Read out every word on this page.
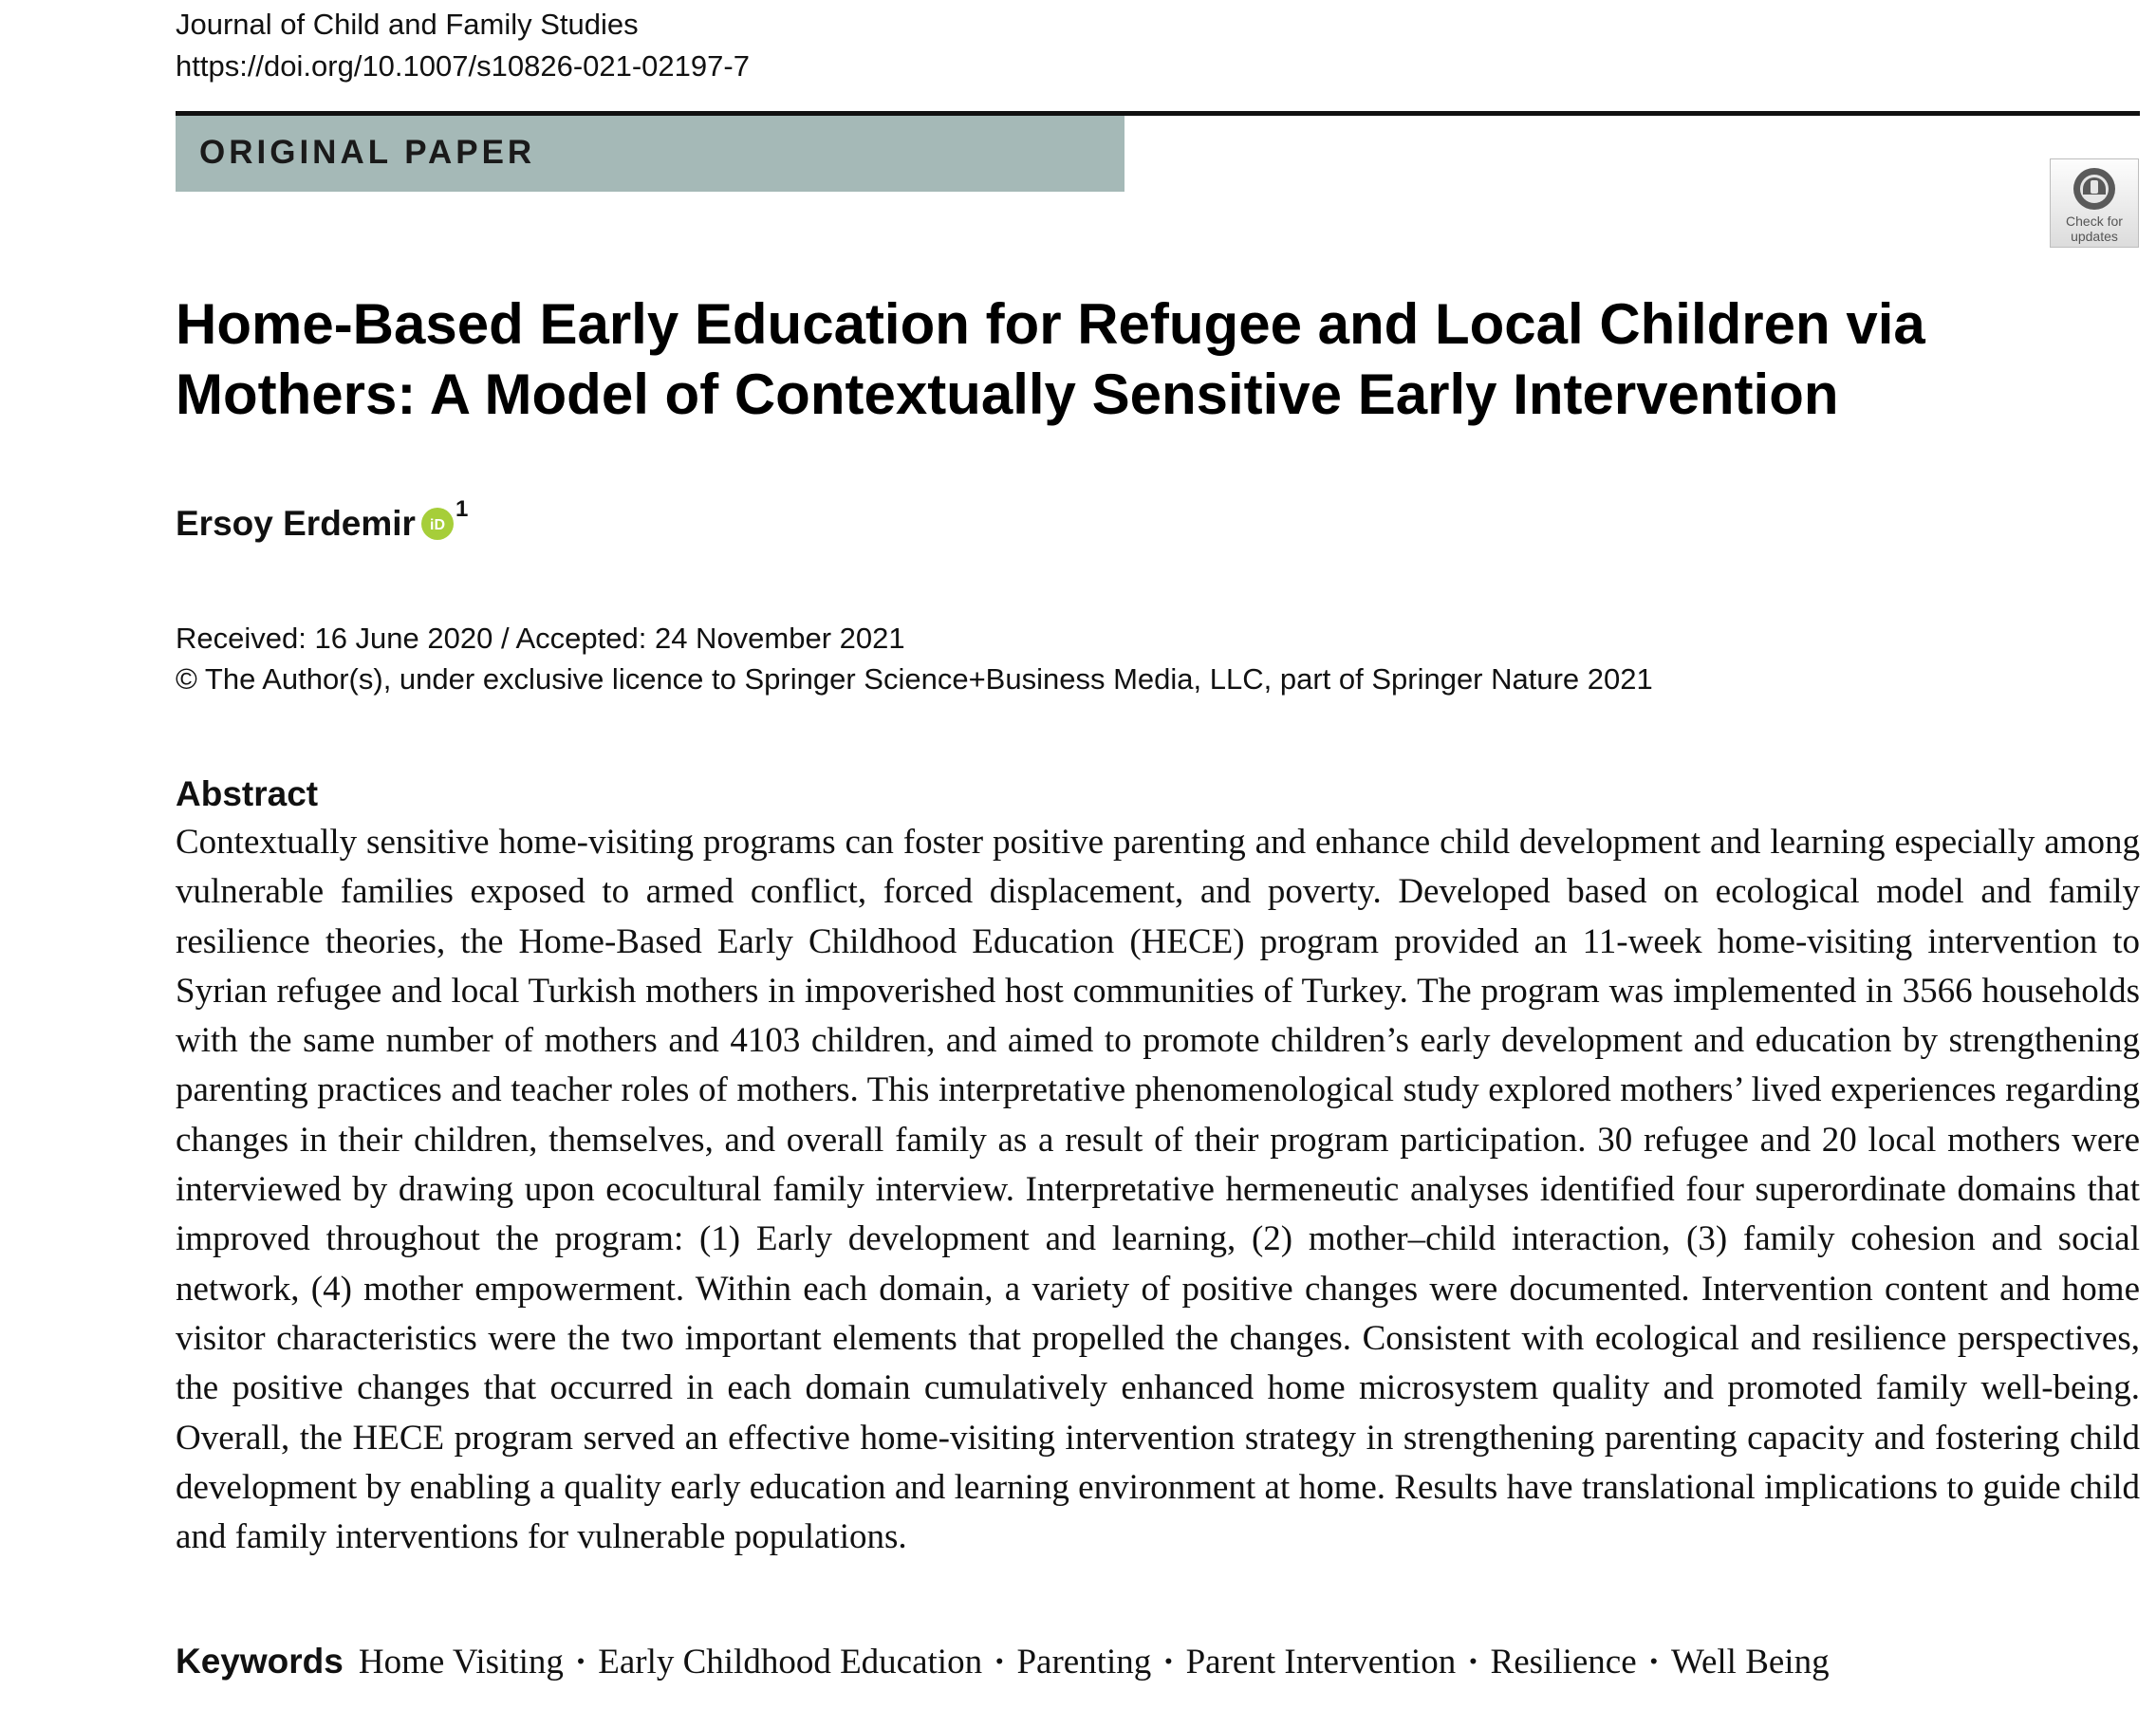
Journal of Child and Family Studies
https://doi.org/10.1007/s10826-021-02197-7
ORIGINAL PAPER
Check for
updates
Home-Based Early Education for Refugee and Local Children via Mothers: A Model of Contextually Sensitive Early Intervention
Ersoy Erdemir iD
1
Received: 16 June 2020 / Accepted: 24 November 2021
© The Author(s), under exclusive licence to Springer Science+Business Media, LLC, part of Springer Nature 2021
Abstract

Contextually sensitive home-visiting programs can foster positive parenting and enhance child development and learning especially among vulnerable families exposed to armed conflict, forced displacement, and poverty. Developed based on ecological model and family resilience theories, the Home-Based Early Childhood Education (HECE) program provided an 11-week home-visiting intervention to Syrian refugee and local Turkish mothers in impoverished host communities of Turkey. The program was implemented in 3566 households with the same number of mothers and 4103 children, and aimed to promote children’s early development and education by strengthening parenting practices and teacher roles of mothers. This interpretative phenomenological study explored mothers’ lived experiences regarding changes in their children, themselves, and overall family as a result of their program participation. 30 refugee and 20 local mothers were interviewed by drawing upon ecocultural family interview. Interpretative hermeneutic analyses identified four superordinate domains that improved throughout the program: (1) Early development and learning, (2) mother–child interaction, (3) family cohesion and social network, (4) mother empowerment. Within each domain, a variety of positive changes were documented. Intervention content and home visitor characteristics were the two important elements that propelled the changes. Consistent with ecological and resilience perspectives, the positive changes that occurred in each domain cumulatively enhanced home microsystem quality and promoted family well-being. Overall, the HECE program served an effective home-visiting intervention strategy in strengthening parenting capacity and fostering child development by enabling a quality early education and learning environment at home. Results have translational implications to guide child and family interventions for vulnerable populations.

Keywords Home Visiting · Early Childhood Education · Parenting · Parent Intervention · Resilience · Well Being
